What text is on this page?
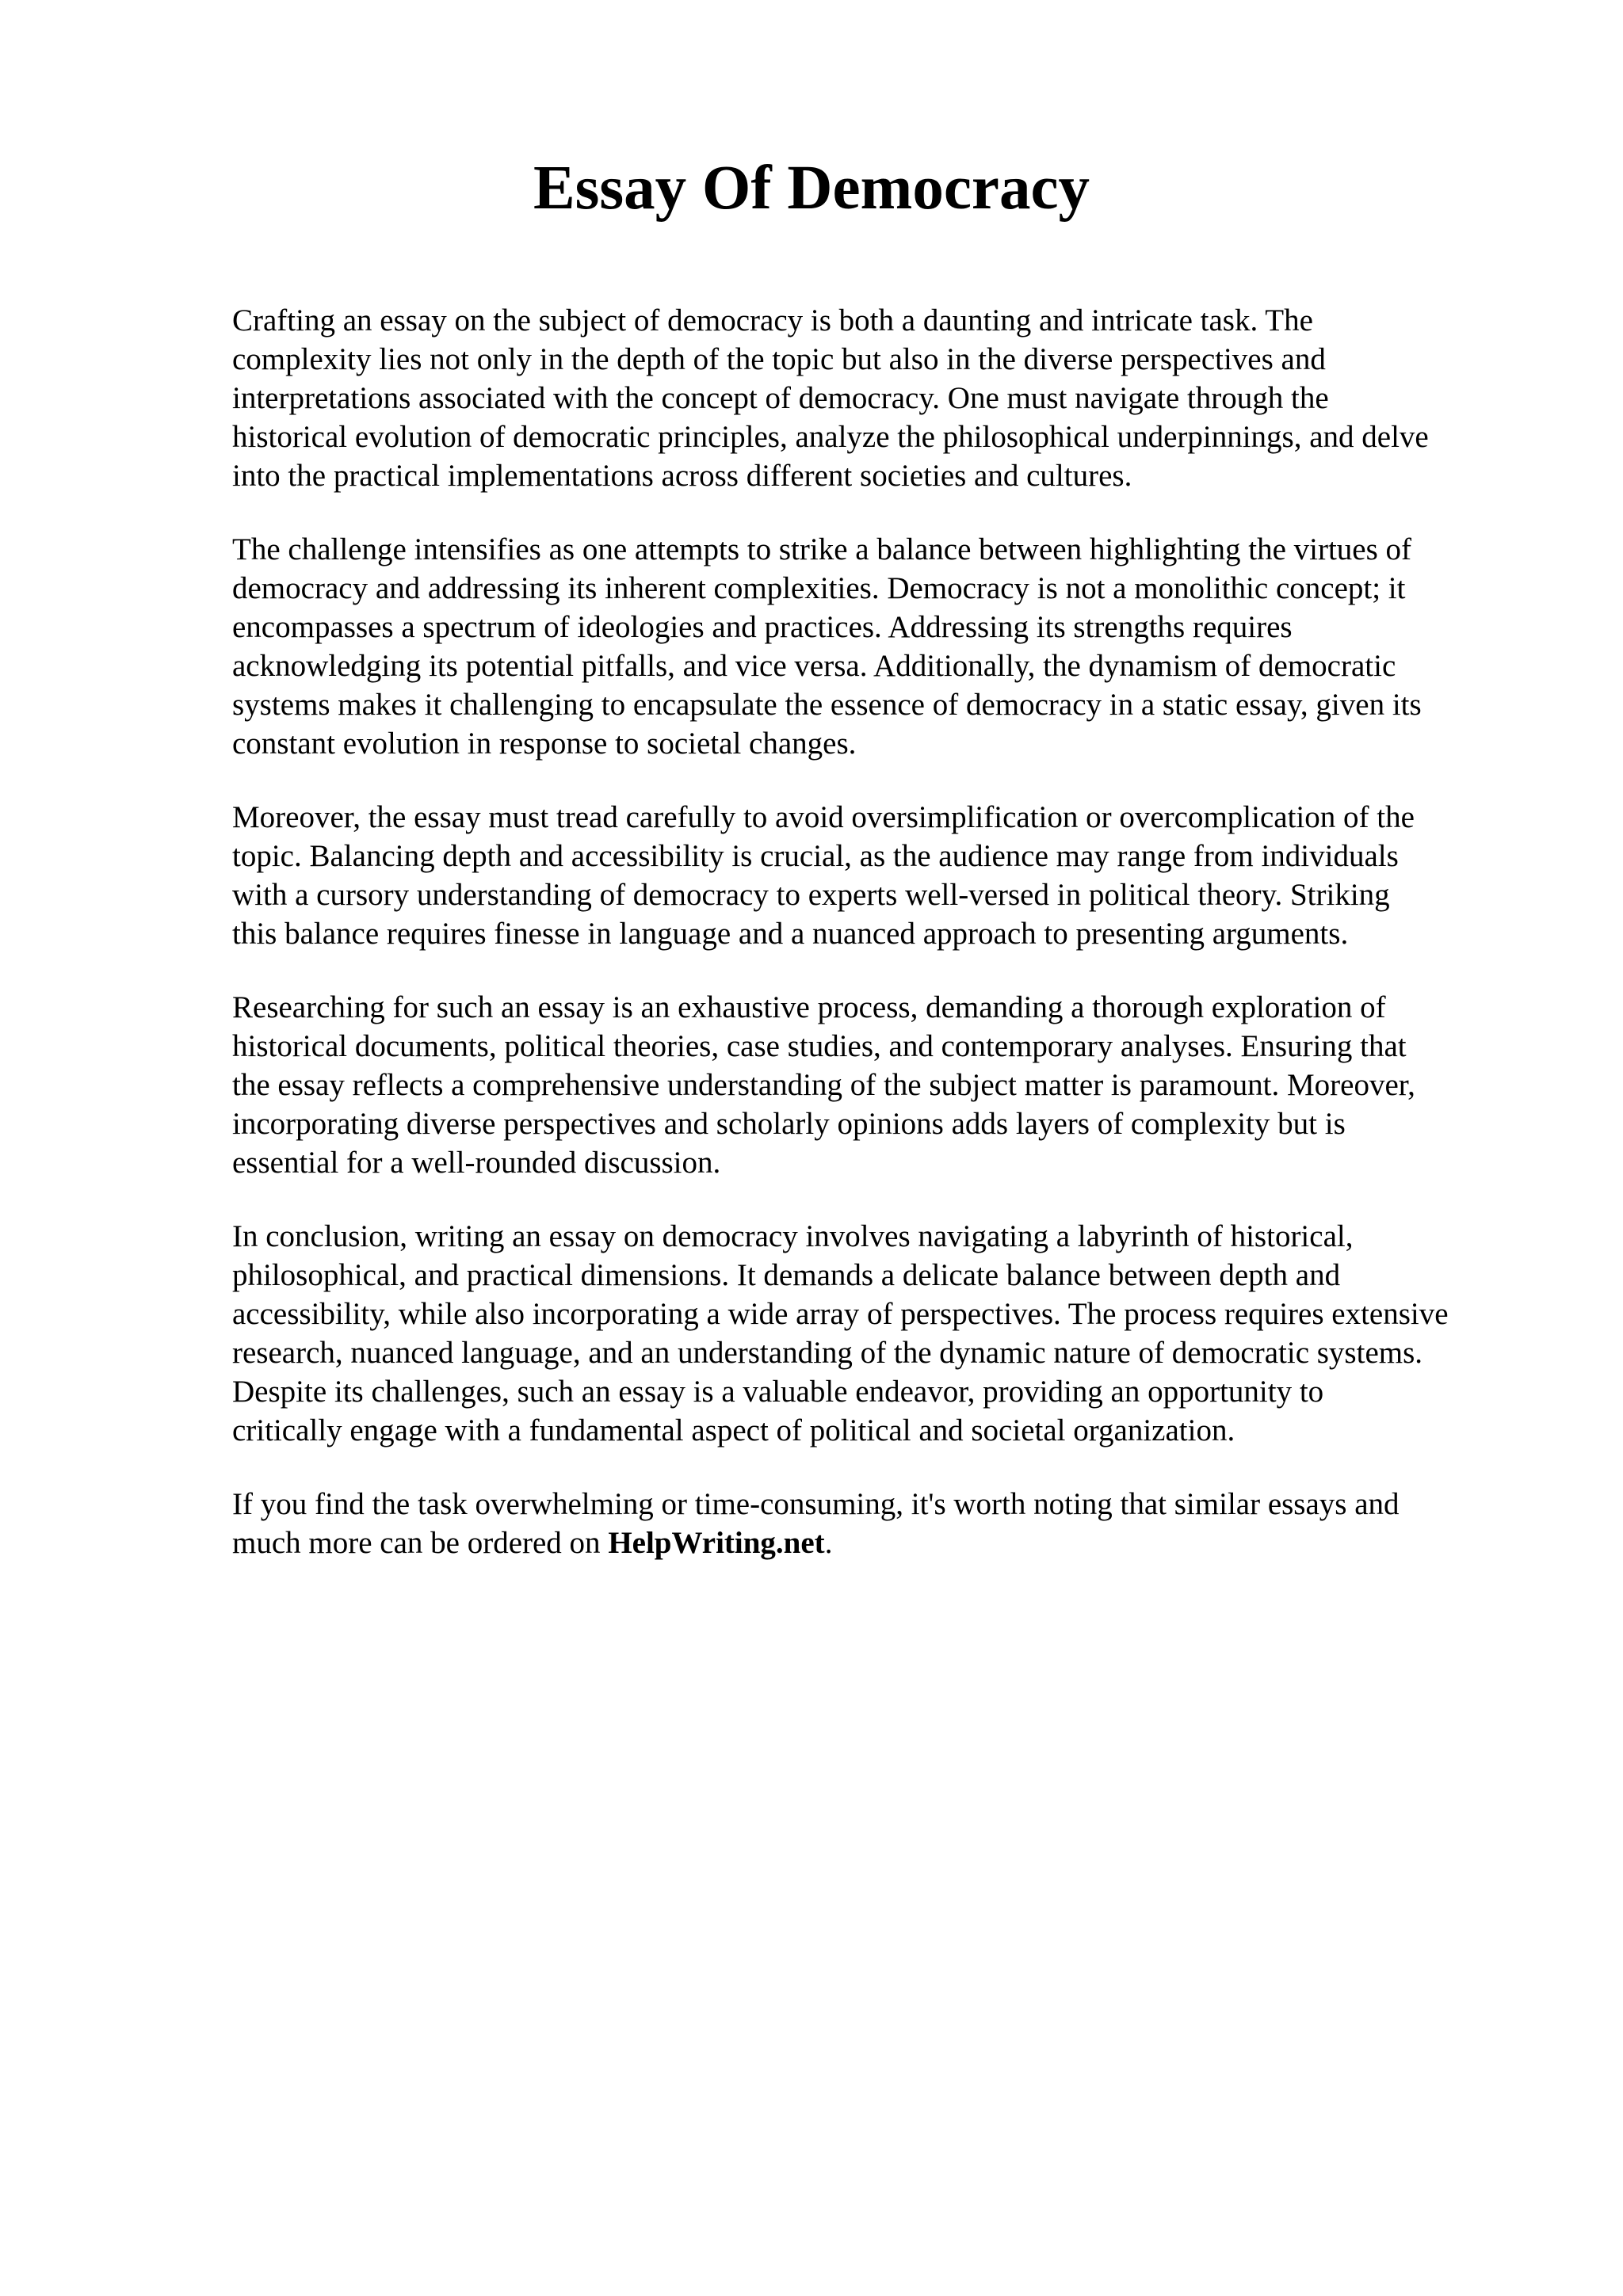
Essay Of Democracy

Crafting an essay on the subject of democracy is both a daunting and intricate task. The
complexity lies not only in the depth of the topic but also in the diverse perspectives and
interpretations associated with the concept of democracy. One must navigate through the
historical evolution of democratic principles, analyze the philosophical underpinnings, and delve
into the practical implementations across different societies and cultures.

The challenge intensifies as one attempts to strike a balance between highlighting the virtues of
democracy and addressing its inherent complexities. Democracy is not a monolithic concept; it
encompasses a spectrum of ideologies and practices. Addressing its strengths requires
acknowledging its potential pitfalls, and vice versa. Additionally, the dynamism of democratic
systems makes it challenging to encapsulate the essence of democracy in a static essay, given its
constant evolution in response to societal changes.

Moreover, the essay must tread carefully to avoid oversimplification or overcomplication of the
topic. Balancing depth and accessibility is crucial, as the audience may range from individuals
with a cursory understanding of democracy to experts well-versed in political theory. Striking
this balance requires finesse in language and a nuanced approach to presenting arguments.

Researching for such an essay is an exhaustive process, demanding a thorough exploration of
historical documents, political theories, case studies, and contemporary analyses. Ensuring that
the essay reflects a comprehensive understanding of the subject matter is paramount. Moreover,
incorporating diverse perspectives and scholarly opinions adds layers of complexity but is
essential for a well-rounded discussion.

In conclusion, writing an essay on democracy involves navigating a labyrinth of historical,
philosophical, and practical dimensions. It demands a delicate balance between depth and
accessibility, while also incorporating a wide array of perspectives. The process requires extensive
research, nuanced language, and an understanding of the dynamic nature of democratic systems.
Despite its challenges, such an essay is a valuable endeavor, providing an opportunity to
critically engage with a fundamental aspect of political and societal organization.

If you find the task overwhelming or time-consuming, it's worth noting that similar essays and
much more can be ordered on HelpWriting.net.
